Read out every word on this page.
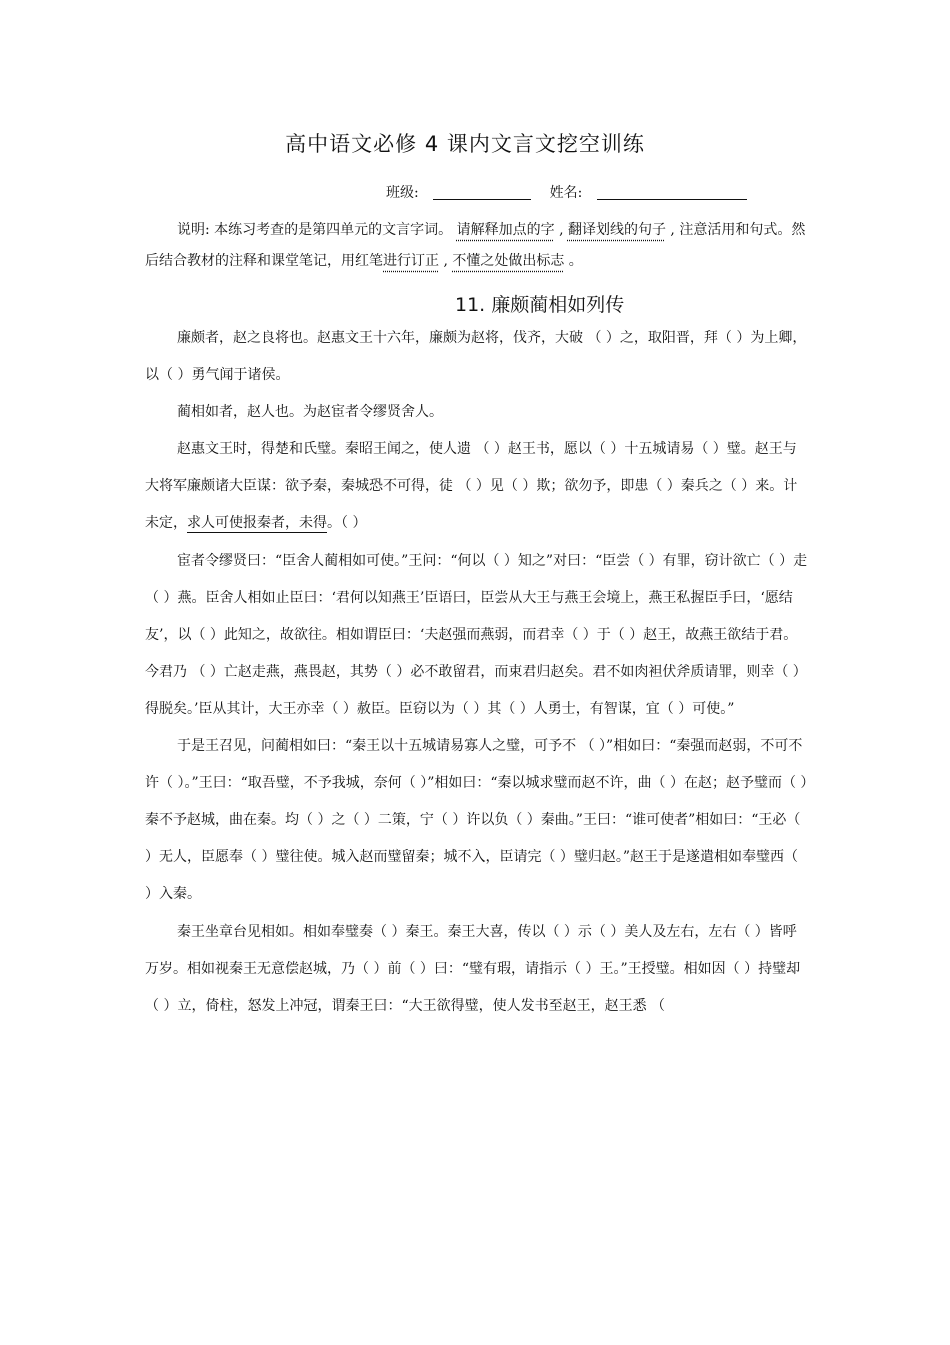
高中语文必修 4 课内文言文挖空训练
班级:	姓名:
说明: 本练习考查的是第四单元的文言字词。 请解释加点的字 , 翻译划线的句子 , 注意活用和句式。然后结合教材的注释和课堂笔记，用红笔进行订正 , 不懂之处做出标志 。
11. 廉颇蔺相如列传

廉颇者，赵之良将也。赵惠文王十六年，廉颇为赵将，伐齐，大破 （ ）之，取阳晋，拜（ ）为上卿，以（ ）勇气闻于诸侯。

蔺相如者，赵人也。为赵宦者令缪贤舍人。

赵惠文王时，得楚和氏璧。秦昭王闻之，使人遗 （ ）赵王书，愿以（ ）十五城请易（ ）璧。赵王与大将军廉颇诸大臣谋：欲予秦，秦城恐不可得，徒 （ ）见（ ）欺；欲勿予，即患（ ）秦兵之（ ）来。计未定，求人可使报秦者，未得。（ ）

宦者令缪贤曰：“臣舍人蔺相如可使。”王问：“何以（ ）知之”对曰：“臣尝（ ）有罪，窃计欲亡（ ）走（ ）燕。臣舍人相如止臣曰：‘君何以知燕王’臣语曰，臣尝从大王与燕王会境上，燕王私握臣手曰，‘愿结友’，以（ ）此知之，故欲往。相如谓臣曰：‘夫赵强而燕弱，而君幸（ ）于（ ）赵王，故燕王欲结于君。今君乃 （ ）亡赵走燕，燕畏赵，其势（ ）必不敢留君，而束君归赵矣。君不如肉袒伏斧质请罪，则幸（ ）得脱矣。’臣从其计，大王亦幸（ ）赦臣。臣窃以为（ ）其（ ）人勇士，有智谋，宜（ ）可使。”

于是王召见，问蔺相如曰：“秦王以十五城请易寡人之璧，可予不 （ ）”相如曰：“秦强而赵弱，不可不许（ ）。”王曰：“取吾璧，不予我城，奈何（ ）”相如曰：“秦以城求璧而赵不许，曲（ ）在赵；赵予璧而（ ）秦不予赵城，曲在秦。均（ ）之（ ）二策，宁（ ）许以负（ ）秦曲。”王曰：“谁可使者”相如曰：“王必（ ）无人，臣愿奉（ ）璧往使。城入赵而璧留秦；城不入，臣请完（ ）璧归赵。”赵王于是遂遣相如奉璧西（ ）入秦。

秦王坐章台见相如。相如奉璧奏（ ）秦王。秦王大喜，传以（ ）示（ ）美人及左右，左右（ ）皆呼万岁。相如视秦王无意偿赵城，乃（ ）前（ ）曰：“璧有瑕，请指示（ ）王。”王授璧。相如因（ ）持璧却（ ）立，倚柱，怒发上冲冠，谓秦王曰：“大王欲得璧，使人发书至赵王，赵王悉 （
